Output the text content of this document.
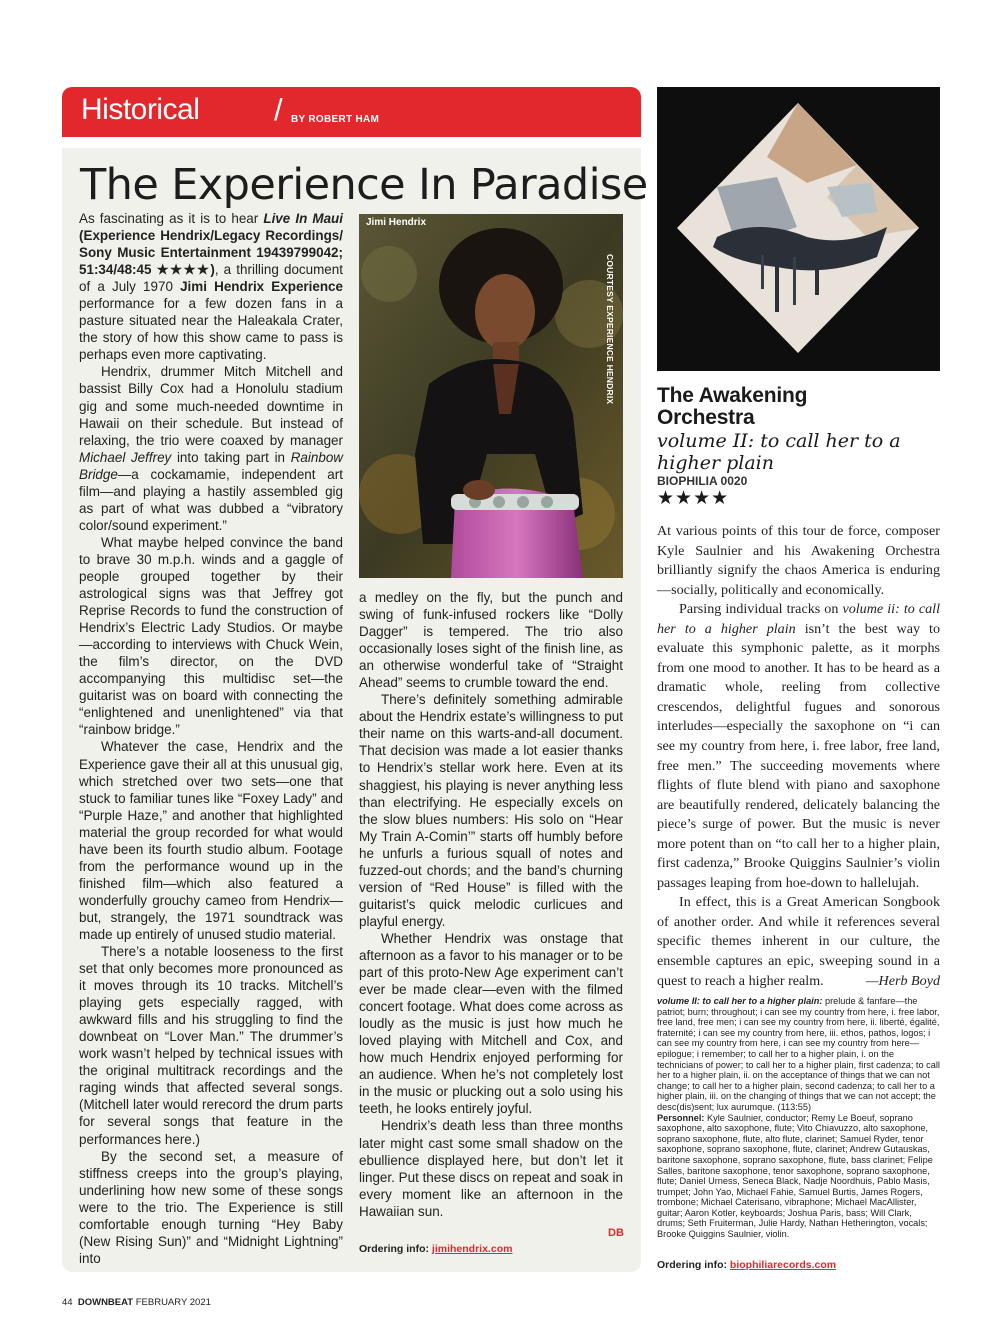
Historical / BY ROBERT HAM
The Experience In Paradise

As fascinating as it is to hear Live In Maui (Experience Hendrix/Legacy Recordings/ Sony Music Entertainment 19439799042; 51:34/48:45 ★★★★), a thrilling document of a July 1970 Jimi Hendrix Experience performance for a few dozen fans in a pasture situated near the Haleakala Crater, the story of how this show came to pass is perhaps even more captivating.

Hendrix, drummer Mitch Mitchell and bassist Billy Cox had a Honolulu stadium gig and some much-needed downtime in Hawaii on their schedule. But instead of relaxing, the trio were coaxed by manager Michael Jeffrey into taking part in Rainbow Bridge—a cockamamie, independent art film—and playing a hastily assembled gig as part of what was dubbed a “vibratory color/sound experiment.”

What maybe helped convince the band to brave 30 m.p.h. winds and a gaggle of people grouped together by their astrological signs was that Jeffrey got Reprise Records to fund the construction of Hendrix’s Electric Lady Studios. Or maybe—according to interviews with Chuck Wein, the film’s director, on the DVD accompanying this multidisc set—the guitarist was on board with connecting the “enlightened and unenlightened” via that “rainbow bridge.”

Whatever the case, Hendrix and the Experience gave their all at this unusual gig, which stretched over two sets—one that stuck to familiar tunes like “Foxey Lady” and “Purple Haze,” and another that highlighted material the group recorded for what would have been its fourth studio album. Footage from the performance wound up in the finished film—which also featured a wonderfully grouchy cameo from Hendrix—but, strangely, the 1971 soundtrack was made up entirely of unused studio material.

There’s a notable looseness to the first set that only becomes more pronounced as it moves through its 10 tracks. Mitchell’s playing gets especially ragged, with awkward fills and his struggling to find the downbeat on “Lover Man.” The drummer’s work wasn’t helped by technical issues with the original multitrack recordings and the raging winds that affected several songs. (Mitchell later would rerecord the drum parts for several songs that feature in the performances here.)

By the second set, a measure of stiffness creeps into the group’s playing, underlining how new some of these songs were to the trio. The Experience is still comfortable enough turning “Hey Baby (New Rising Sun)” and “Midnight Lightning” into

Jimi Hendrix
COURTESY EXPERIENCE HENDRIX

a medley on the fly, but the punch and swing of funk-infused rockers like “Dolly Dagger” is tempered. The trio also occasionally loses sight of the finish line, as an otherwise wonderful take of “Straight Ahead” seems to crumble toward the end.

There’s definitely something admirable about the Hendrix estate’s willingness to put their name on this warts-and-all document. That decision was made a lot easier thanks to Hendrix’s stellar work here. Even at its shaggiest, his playing is never anything less than electrifying. He especially excels on the slow blues numbers: His solo on “Hear My Train A-Comin’” starts off humbly before he unfurls a furious squall of notes and fuzzed-out chords; and the band’s churning version of “Red House” is filled with the guitarist’s quick melodic curlicues and playful energy.

Whether Hendrix was onstage that afternoon as a favor to his manager or to be part of this proto-New Age experiment can’t ever be made clear—even with the filmed concert footage. What does come across as loudly as the music is just how much he loved playing with Mitchell and Cox, and how much Hendrix enjoyed performing for an audience. When he’s not completely lost in the music or plucking out a solo using his teeth, he looks entirely joyful.

Hendrix’s death less than three months later might cast some small shadow on the ebullience displayed here, but don’t let it linger. Put these discs on repeat and soak in every moment like an afternoon in the Hawaiian sun.

DB
Ordering info: jimihendrix.com
The Awakening Orchestra
volume II: to call her to a higher plain
BIOPHILIA 0020
★★★★

At various points of this tour de force, composer Kyle Saulnier and his Awakening Orchestra brilliantly signify the chaos America is enduring—socially, politically and economically.

Parsing individual tracks on volume ii: to call her to a higher plain isn’t the best way to evaluate this symphonic palette, as it morphs from one mood to another. It has to be heard as a dramatic whole, reeling from collective crescendos, delightful fugues and sonorous interludes—especially the saxophone on “i can see my country from here, i. free labor, free land, free men.” The succeeding movements where flights of flute blend with piano and saxophone are beautifully rendered, delicately balancing the piece’s surge of power. But the music is never more potent than on “to call her to a higher plain, first cadenza,” Brooke Quiggins Saulnier’s violin passages leaping from hoe-down to hallelujah.

In effect, this is a Great American Songbook of another order. And while it references several specific themes inherent in our culture, the ensemble captures an epic, sweeping sound in a quest to reach a higher realm.	—Herb Boyd

volume II: to call her to a higher plain: prelude & fanfare—the patriot; burn; throughout; i can see my country from here, i. free labor, free land, free men; i can see my country from here, ii. liberté, égalité, fraternité; i can see my country from here, iii. ethos, pathos, logos; i can see my country from here, i can see my country from here—epilogue; i remember; to call her to a higher plain, i. on the technicians of power; to call her to a higher plain, first cadenza; to call her to a higher plain, ii. on the acceptance of things that we can not change; to call her to a higher plain, second cadenza; to call her to a higher plain, iii. on the changing of things that we can not accept; the desc(dis)sent; lux aurumque. (113:55)

Personnel: Kyle Saulnier, conductor; Remy Le Boeuf, soprano saxophone, alto saxophone, flute; Vito Chiavuzzo, alto saxophone, soprano saxophone, flute, alto flute, clarinet; Samuel Ryder, tenor saxophone, soprano saxophone, flute, clarinet; Andrew Gutauskas, baritone saxophone, soprano saxophone, flute, bass clarinet; Felipe Salles, baritone saxophone, tenor saxophone, soprano saxophone, flute; Daniel Urness, Seneca Black, Nadje Noordhuis, Pablo Masis, trumpet; John Yao, Michael Fahie, Samuel Burtis, James Rogers, trombone; Michael Caterisano, vibraphone; Michael MacAllister, guitar; Aaron Kotler, keyboards; Joshua Paris, bass; Will Clark, drums; Seth Fruiterman, Julie Hardy, Nathan Hetherington, vocals; Brooke Quiggins Saulnier, violin.

Ordering info: biophiliarecords.com
44 DOWNBEAT FEBRUARY 2021
